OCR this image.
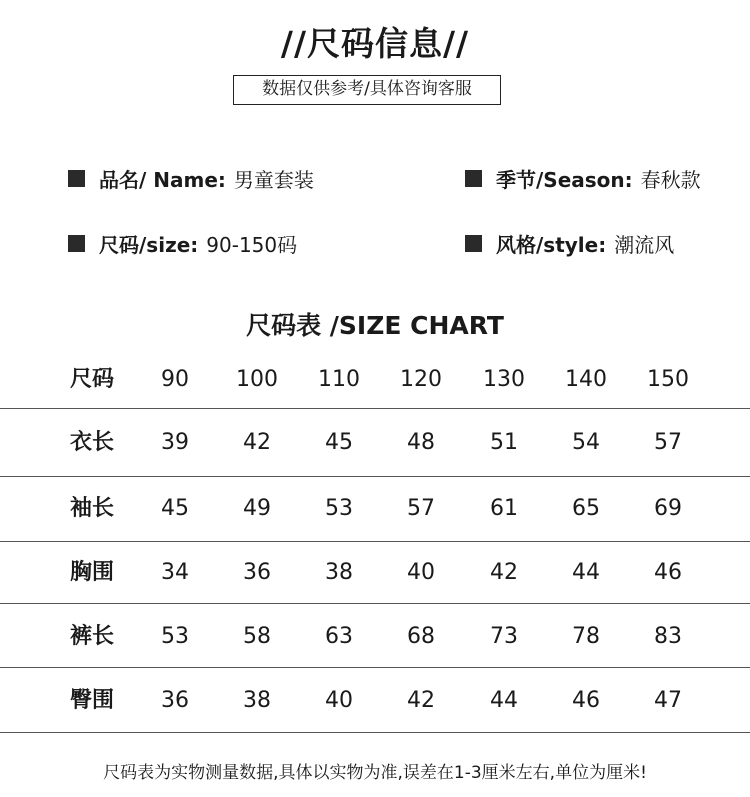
//尺码信息//
数据仅供参考/具体咨询客服
品名/ Name: 男童套装	季节/Season: 春秋款
尺码/size: 90-150码	风格/style: 潮流风
尺码表 /SIZE CHART
尺码	90	100	110	120	130	140	150
衣长	39	42	45	48	51	54	57
袖长	45	49	53	57	61	65	69
胸围	34	36	38	40	42	44	46
裤长	53	58	63	68	73	78	83
臀围	36	38	40	42	44	46	47
尺码表为实物测量数据,具体以实物为准,误差在1-3厘米左右,单位为厘米!
